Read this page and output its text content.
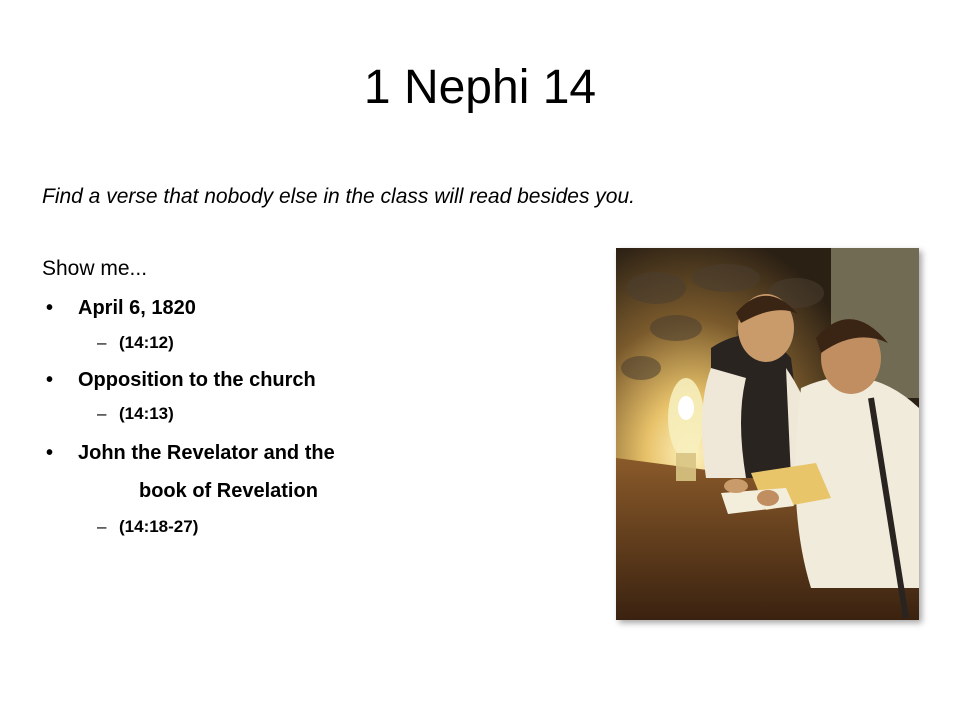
1 Nephi 14
Find a verse that nobody else in the class will read besides you.
Show me...
• April 6, 1820
– (14:12)
• Opposition to the church
– (14:13)
• John the Revelator and the
book of Revelation
– (14:18-27)
